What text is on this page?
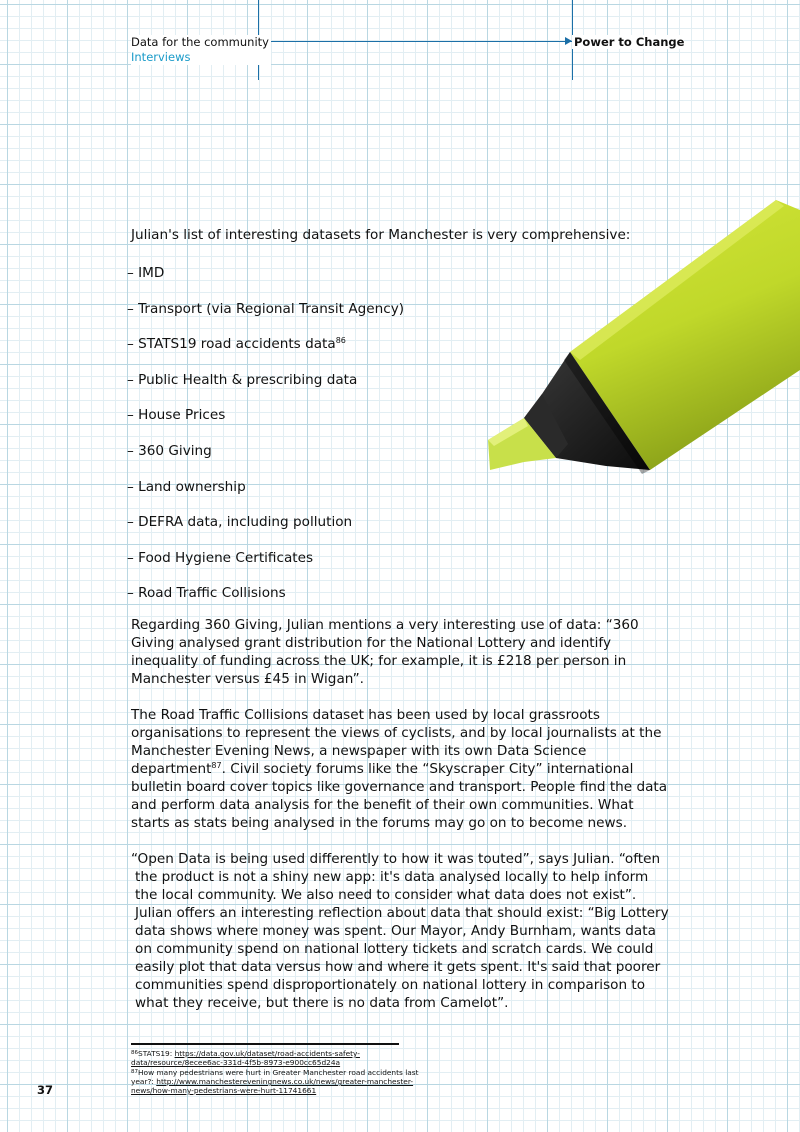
Data for the community
Interviews
Power to Change

Julian's list of interesting datasets for Manchester is very comprehensive:

– IMD
– Transport (via Regional Transit Agency)
– STATS19 road accidents data$^{86}$
– Public Health & prescribing data
– House Prices
– 360 Giving
– Land ownership
– DEFRA data, including pollution
– Food Hygiene Certificates
– Road Traffic Collisions

Regarding 360 Giving, Julian mentions a very interesting use of data: “360 Giving analysed grant distribution for the National Lottery and identify inequality of funding across the UK; for example, it is £218 per person in Manchester versus £45 in Wigan”.

The Road Traffic Collisions dataset has been used by local grassroots organisations to represent the views of cyclists, and by local journalists at the Manchester Evening News, a newspaper with its own Data Science department$^{87}$. Civil society forums like the “Skyscraper City” international bulletin board cover topics like governance and transport. People find the data and perform data analysis for the benefit of their own communities. What starts as stats being analysed in the forums may go on to become news.

“Open Data is being used differently to how it was touted”, says Julian. “often the product is not a shiny new app: it's data analysed locally to help inform the local community. We also need to consider what data does not exist”. Julian offers an interesting reflection about data that should exist: “Big Lottery data shows where money was spent. Our Mayor, Andy Burnham, wants data on community spend on national lottery tickets and scratch cards. We could easily plot that data versus how and where it gets spent. It's said that poorer communities spend disproportionately on national lottery in comparison to what they receive, but there is no data from Camelot”.

$^{86}$STATS19: https://data.gov.uk/dataset/road-accidents-safety-data/resource/8ecee6ac-331d-4f5b-8973-e900cc65d24a
$^{87}$How many pedestrians were hurt in Greater Manchester road accidents last year?: http://www.manchestereveningnews.co.uk/news/greater-manchester-news/how-many-pedestrians-were-hurt-11741661
37
